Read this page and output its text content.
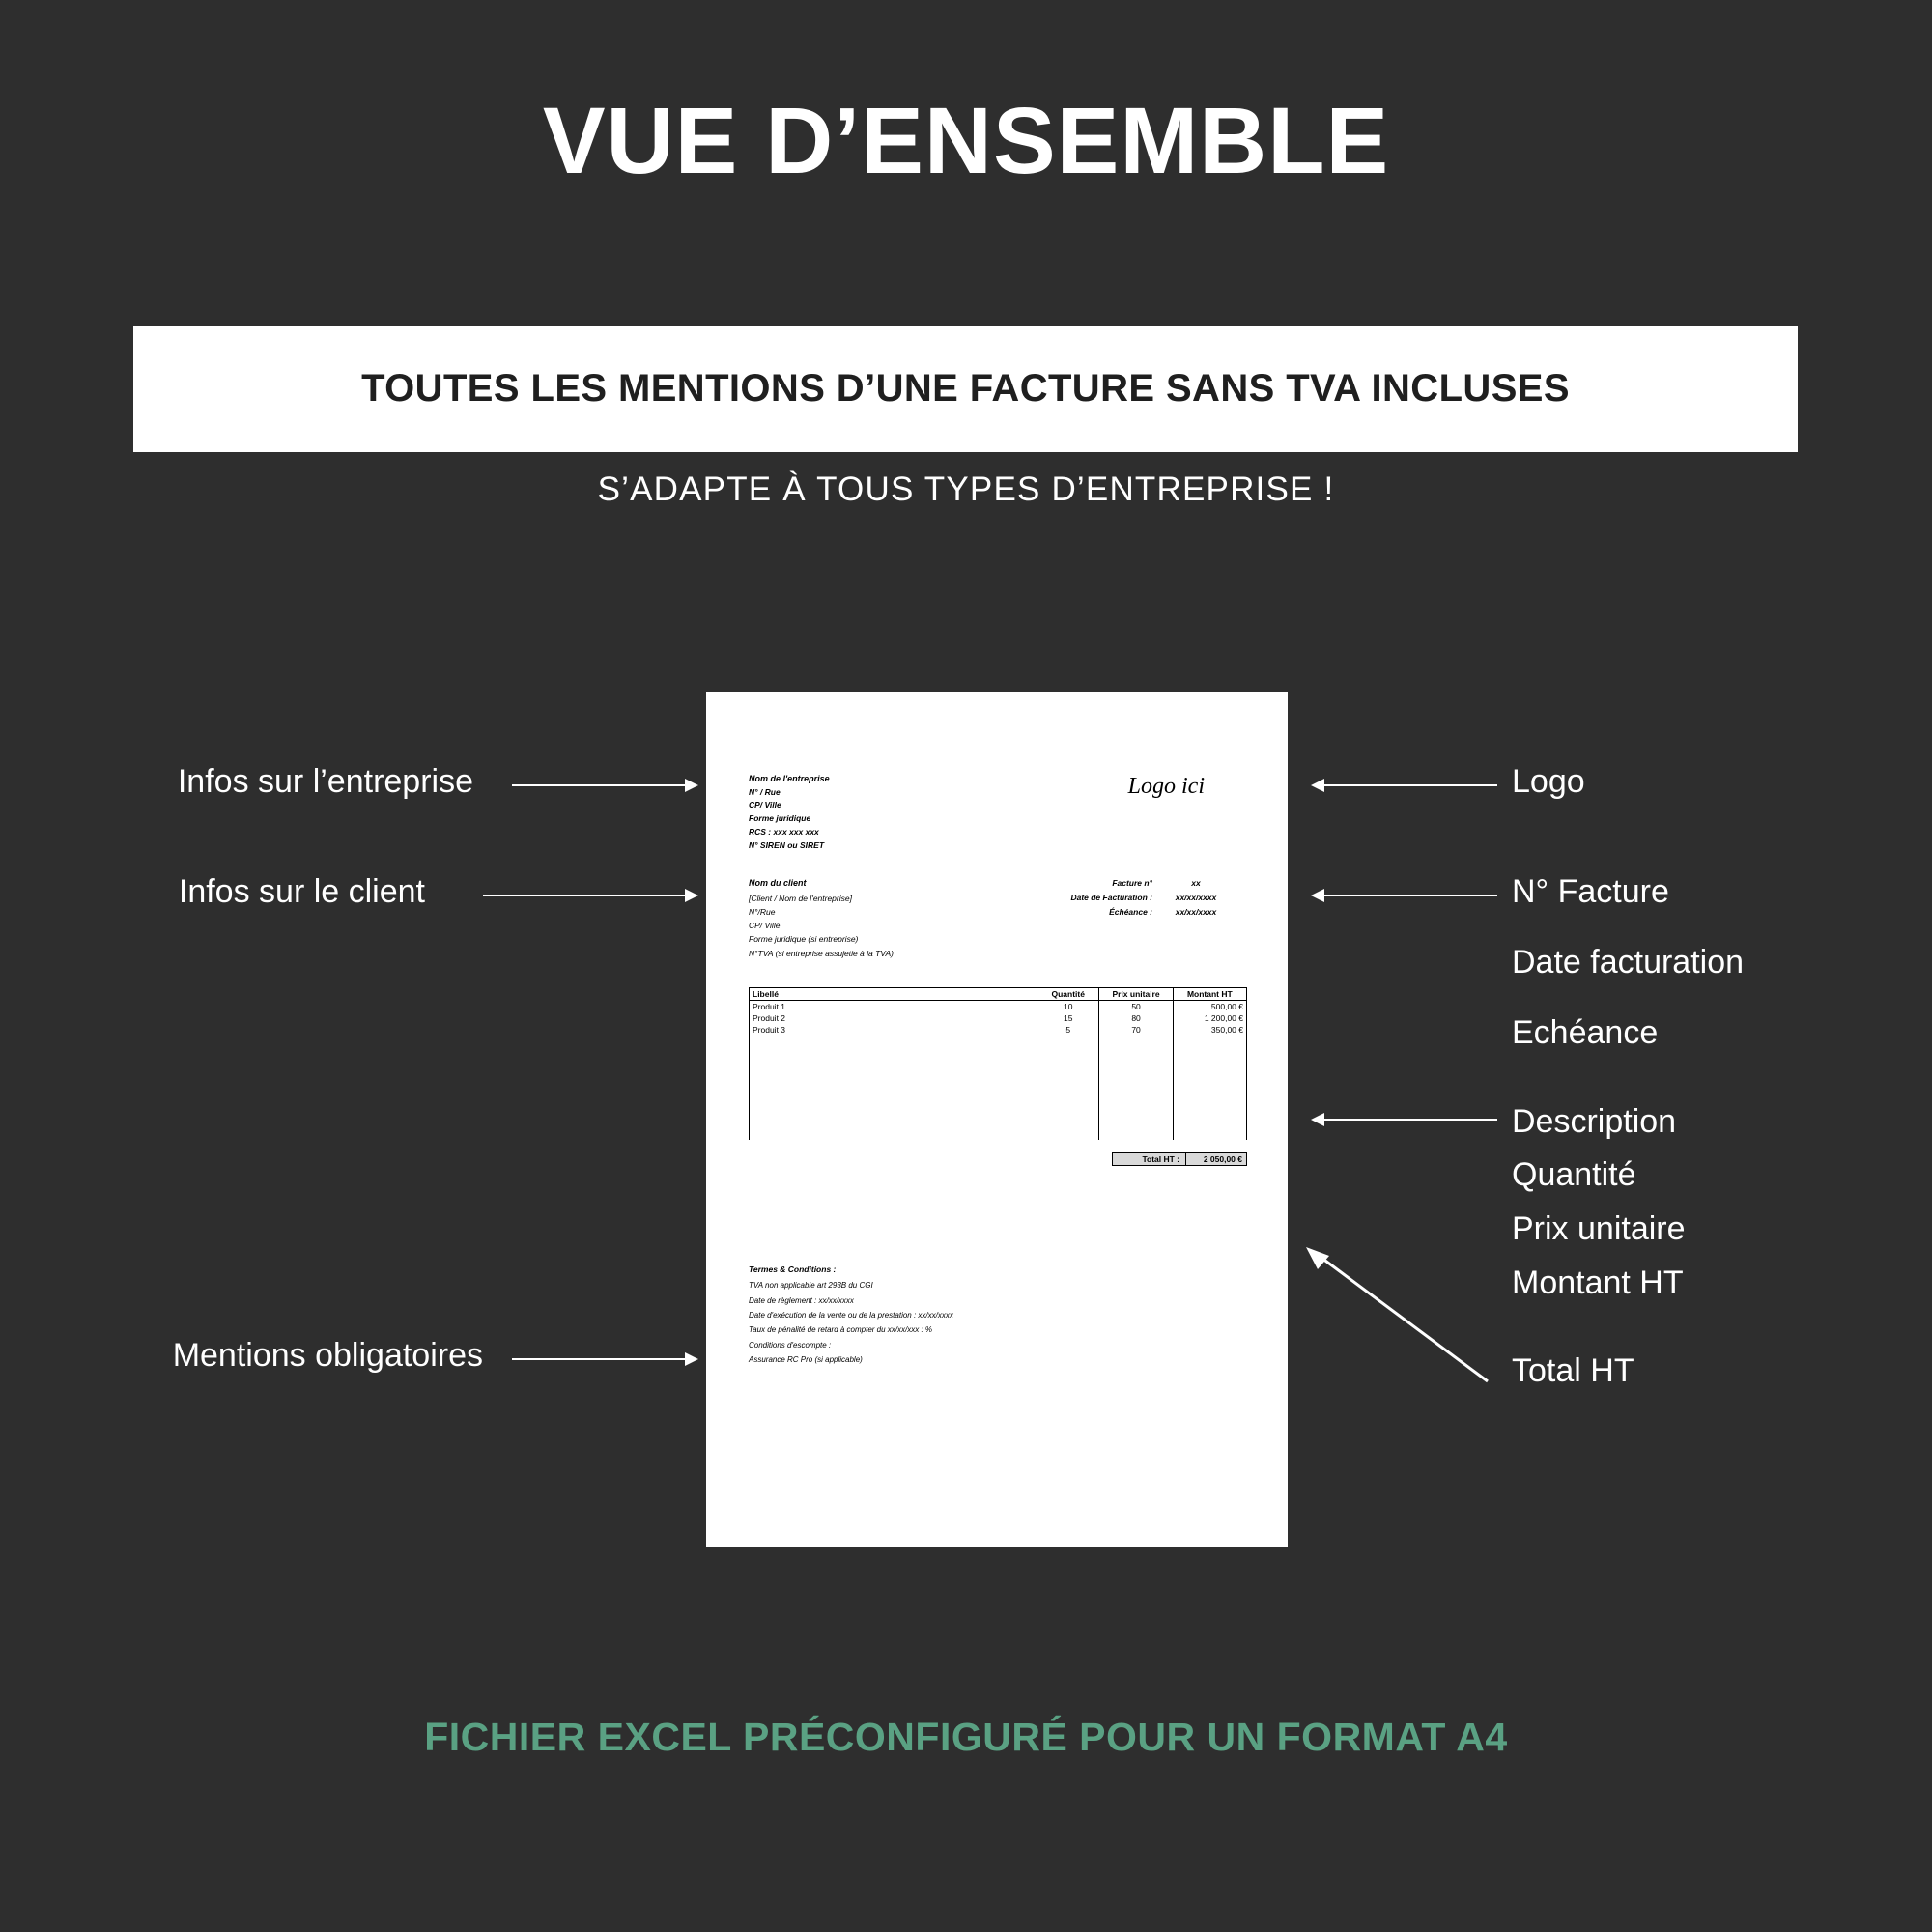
VUE D’ENSEMBLE
TOUTES LES MENTIONS D’UNE FACTURE SANS TVA INCLUSES
S’ADAPTE À TOUS TYPES D’ENTREPRISE !
Nom de l'entreprise
N° / Rue
CP/ Ville
Forme juridique
RCS : xxx xxx xxx
N° SIREN ou SIRET
Logo ici
Nom du client
[Client / Nom de l'entreprise]
N°/Rue
CP/ Ville
Forme juridique (si entreprise)
N°TVA (si entreprise assujetie à la TVA)
Facture n°	xx
Date de Facturation :	xx/xx/xxxx
Échéance :	xx/xx/xxxx
Libellé	Quantité	Prix unitaire	Montant HT
Produit 1	10	50	500,00 €
Produit 2	15	80	1 200,00 €
Produit 3	5	70	350,00 €

Total HT :	2 050,00 €
Termes & Conditions :
TVA non applicable art 293B du CGI
Date de règlement : xx/xx/xxxx
Date d'exécution de la vente ou de la prestation : xx/xx/xxxx
Taux de pénalité de retard à compter du xx/xx/xxx : %
Conditions d'escompte :
Assurance RC Pro (si applicable)
Infos sur l’entreprise
Infos sur le client
Mentions obligatoires
Logo
N° Facture
Date facturation
Echéance
Description
Quantité
Prix unitaire
Montant HT
Total HT
FICHIER EXCEL PRÉCONFIGURÉ POUR UN FORMAT A4
